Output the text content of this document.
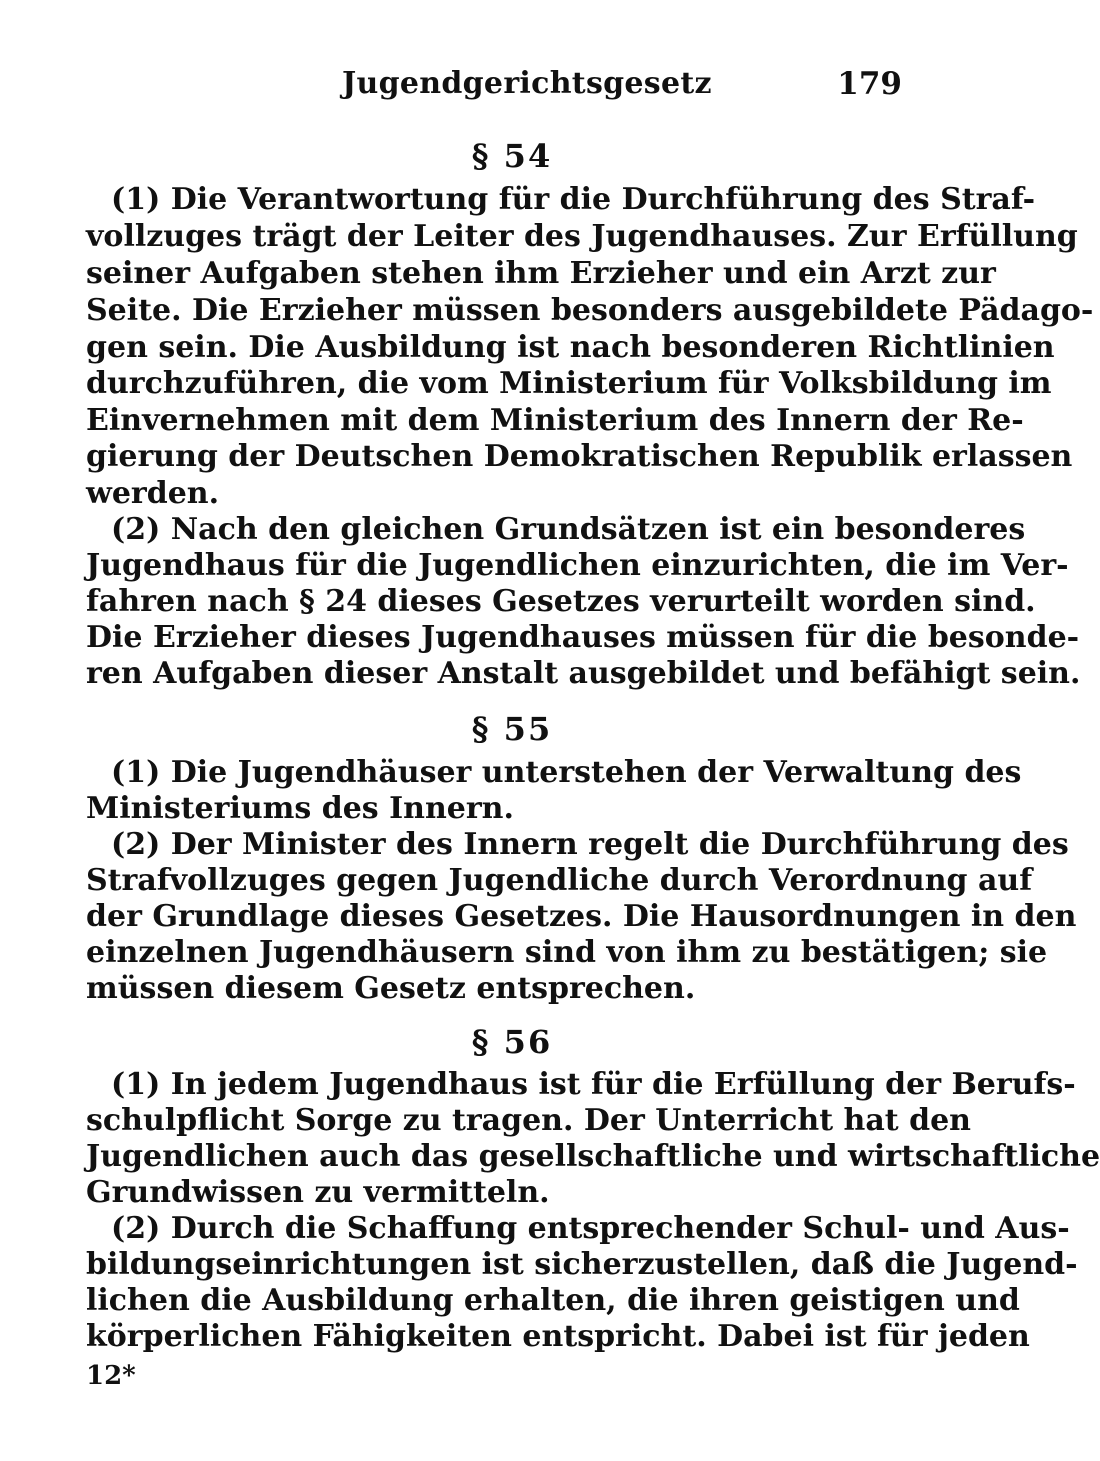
Jugendgerichtsgesetz	179
§ 54
(1) Die Verantwortung für die Durchführung des Straf-
vollzuges trägt der Leiter des Jugendhauses. Zur Erfüllung
seiner Aufgaben stehen ihm Erzieher und ein Arzt zur
Seite. Die Erzieher müssen besonders ausgebildete Pädago-
gen sein. Die Ausbildung ist nach besonderen Richtlinien
durchzuführen, die vom Ministerium für Volksbildung im
Einvernehmen mit dem Ministerium des Innern der Re-
gierung der Deutschen Demokratischen Republik erlassen
werden.
(2) Nach den gleichen Grundsätzen ist ein besonderes
Jugendhaus für die Jugendlichen einzurichten, die im Ver-
fahren nach § 24 dieses Gesetzes verurteilt worden sind.
Die Erzieher dieses Jugendhauses müssen für die besonde-
ren Aufgaben dieser Anstalt ausgebildet und befähigt sein.
§ 55
(1) Die Jugendhäuser unterstehen der Verwaltung des
Ministeriums des Innern.
(2) Der Minister des Innern regelt die Durchführung des
Strafvollzuges gegen Jugendliche durch Verordnung auf
der Grundlage dieses Gesetzes. Die Hausordnungen in den
einzelnen Jugendhäusern sind von ihm zu bestätigen; sie
müssen diesem Gesetz entsprechen.
§ 56
(1) In jedem Jugendhaus ist für die Erfüllung der Berufs-
schulpflicht Sorge zu tragen. Der Unterricht hat den
Jugendlichen auch das gesellschaftliche und wirtschaftliche
Grundwissen zu vermitteln.
(2) Durch die Schaffung entsprechender Schul- und Aus-
bildungseinrichtungen ist sicherzustellen, daß die Jugend-
lichen die Ausbildung erhalten, die ihren geistigen und
körperlichen Fähigkeiten entspricht. Dabei ist für jeden
12*
